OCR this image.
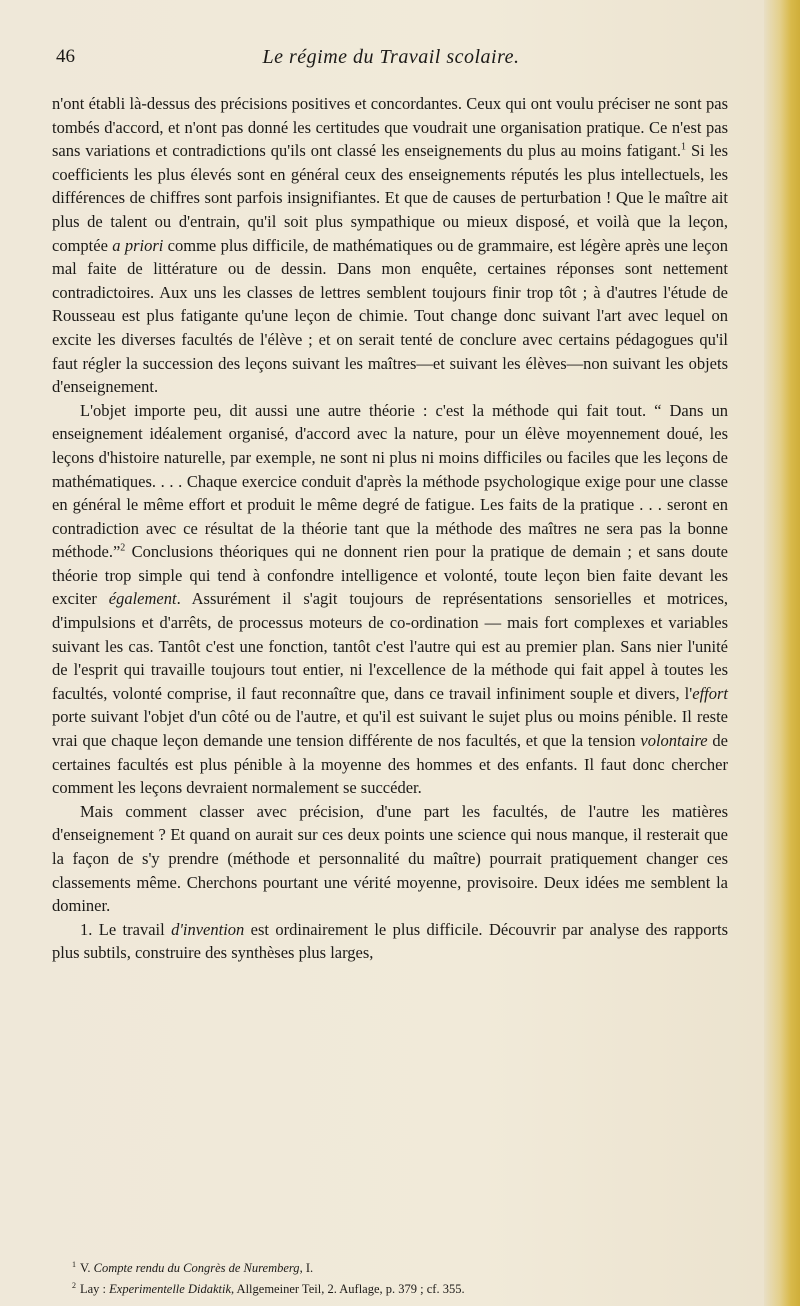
46	Le régime du Travail scolaire.

n'ont établi là-dessus des précisions positives et concordantes. Ceux qui ont voulu préciser ne sont pas tombés d'accord, et n'ont pas donné les certitudes que voudrait une organisation pratique. Ce n'est pas sans variations et contradictions qu'ils ont classé les enseignements du plus au moins fatigant.$^1$ Si les coefficients les plus élevés sont en général ceux des enseignements réputés les plus intellectuels, les différences de chiffres sont parfois insignifiantes. Et que de causes de perturbation ! Que le maître ait plus de talent ou d'entrain, qu'il soit plus sympathique ou mieux disposé, et voilà que la leçon, comptée a priori comme plus difficile, de mathématiques ou de grammaire, est légère après une leçon mal faite de littérature ou de dessin. Dans mon enquête, certaines réponses sont nettement contradictoires. Aux uns les classes de lettres semblent toujours finir trop tôt ; à d'autres l'étude de Rousseau est plus fatigante qu'une leçon de chimie. Tout change donc suivant l'art avec lequel on excite les diverses facultés de l'élève ; et on serait tenté de conclure avec certains pédagogues qu'il faut régler la succession des leçons suivant les maîtres—et suivant les élèves—non suivant les objets d'enseignement.

L'objet importe peu, dit aussi une autre théorie : c'est la méthode qui fait tout. “ Dans un enseignement idéalement organisé, d'accord avec la nature, pour un élève moyennement doué, les leçons d'histoire naturelle, par exemple, ne sont ni plus ni moins difficiles ou faciles que les leçons de mathématiques. . . . Chaque exercice conduit d'après la méthode psychologique exige pour une classe en général le même effort et produit le même degré de fatigue. Les faits de la pratique . . . seront en contradiction avec ce résultat de la théorie tant que la méthode des maîtres ne sera pas la bonne méthode.”$^2$ Conclusions théoriques qui ne donnent rien pour la pratique de demain ; et sans doute théorie trop simple qui tend à confondre intelligence et volonté, toute leçon bien faite devant les exciter également. Assurément il s'agit toujours de représentations sensorielles et motrices, d'impulsions et d'arrêts, de processus moteurs de co-ordination — mais fort complexes et variables suivant les cas. Tantôt c'est une fonction, tantôt c'est l'autre qui est au premier plan. Sans nier l'unité de l'esprit qui travaille toujours tout entier, ni l'excellence de la méthode qui fait appel à toutes les facultés, volonté comprise, il faut reconnaître que, dans ce travail infiniment souple et divers, l'effort porte suivant l'objet d'un côté ou de l'autre, et qu'il est suivant le sujet plus ou moins pénible. Il reste vrai que chaque leçon demande une tension différente de nos facultés, et que la tension volontaire de certaines facultés est plus pénible à la moyenne des hommes et des enfants. Il faut donc chercher comment les leçons devraient normalement se succéder.

Mais comment classer avec précision, d'une part les facultés, de l'autre les matières d'enseignement ? Et quand on aurait sur ces deux points une science qui nous manque, il resterait que la façon de s'y prendre (méthode et personnalité du maître) pourrait pratiquement changer ces classements même. Cherchons pourtant une vérité moyenne, provisoire. Deux idées me semblent la dominer.

1. Le travail d'invention est ordinairement le plus difficile. Découvrir par analyse des rapports plus subtils, construire des synthèses plus larges,

$^1$ V. Compte rendu du Congrès de Nuremberg, I.

$^2$ Lay : Experimentelle Didaktik, Allgemeiner Teil, 2. Auflage, p. 379 ; cf. 355.
